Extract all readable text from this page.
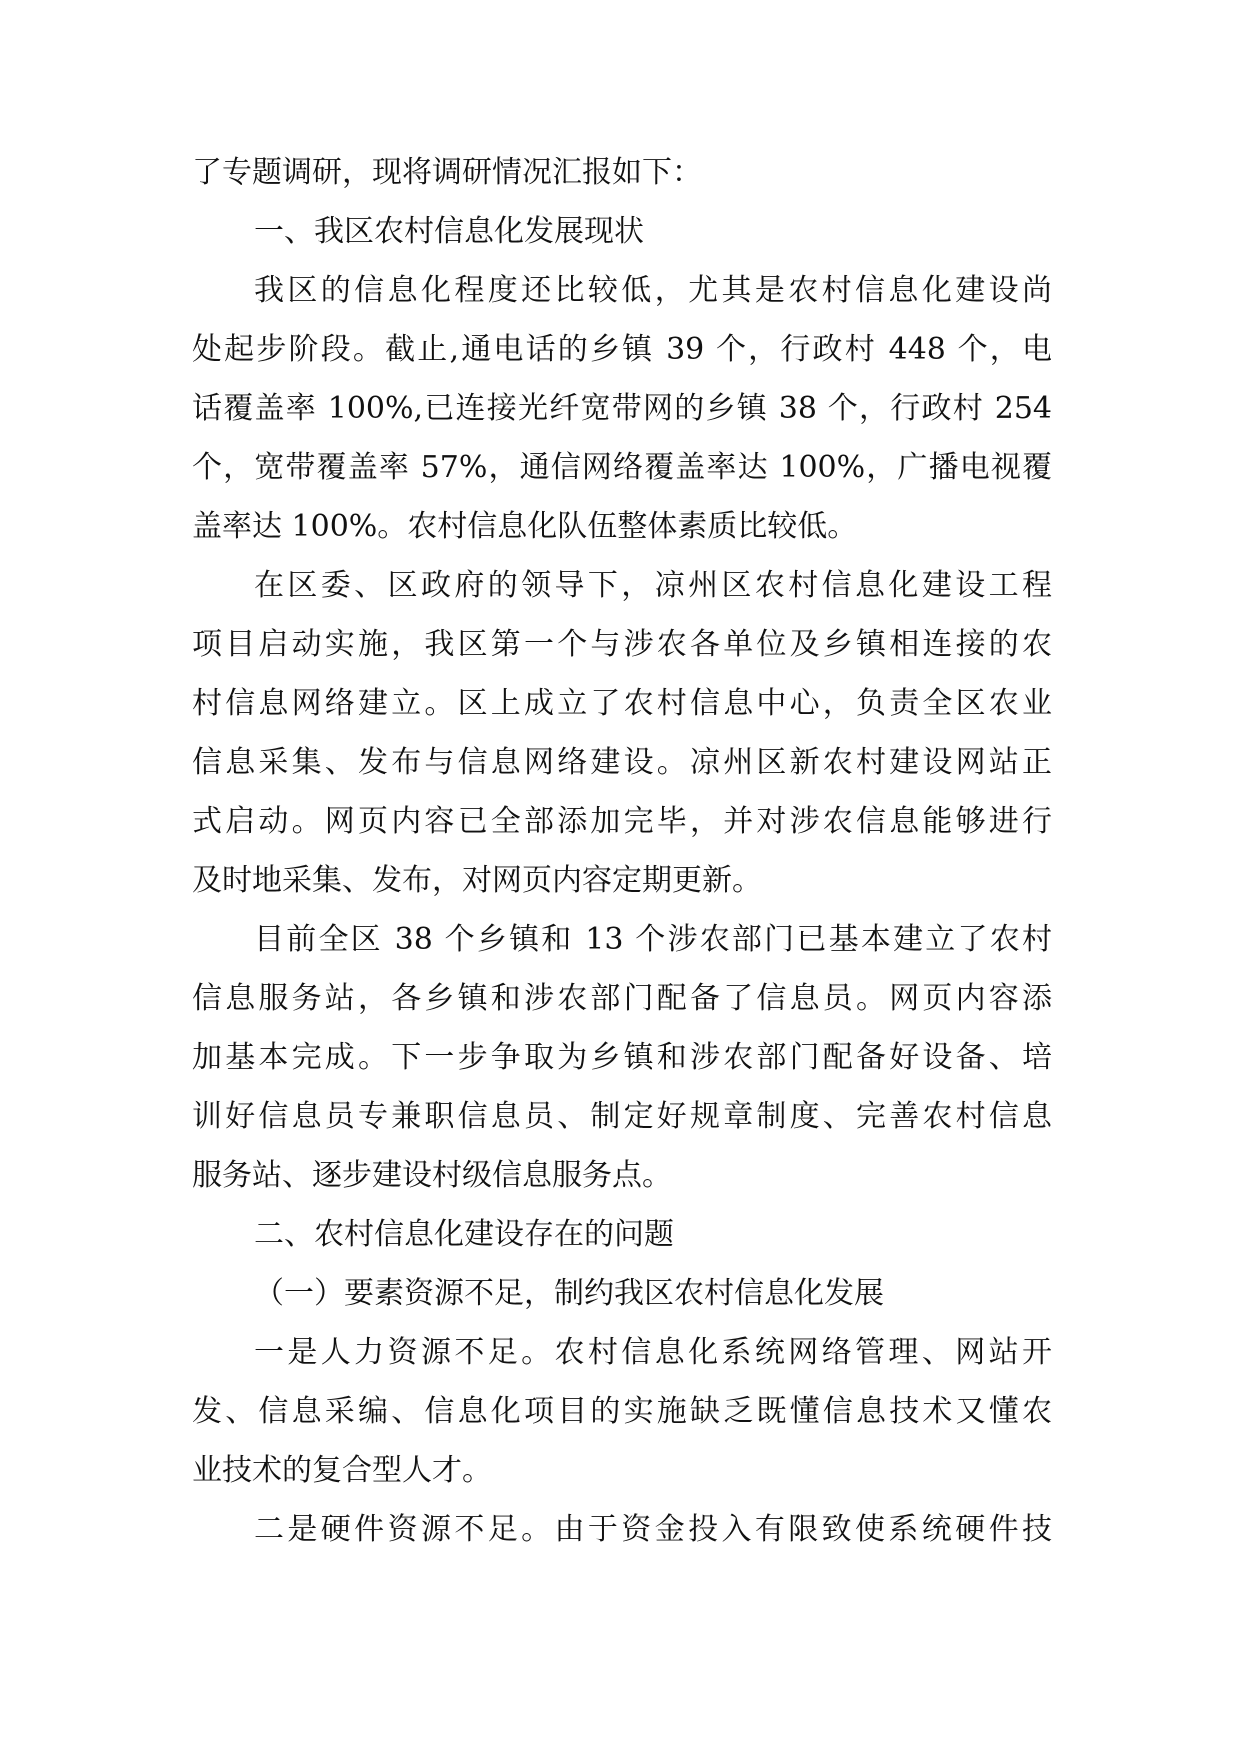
了专题调研，现将调研情况汇报如下：
一、我区农村信息化发展现状
我区的信息化程度还比较低，尤其是农村信息化建设尚
处起步阶段。截止,通电话的乡镇 39 个，行政村 448 个，电
话覆盖率 100%,已连接光纤宽带网的乡镇 38 个，行政村 254
个，宽带覆盖率 57%，通信网络覆盖率达 100%，广播电视覆
盖率达 100%。农村信息化队伍整体素质比较低。
在区委、区政府的领导下，凉州区农村信息化建设工程
项目启动实施，我区第一个与涉农各单位及乡镇相连接的农
村信息网络建立。区上成立了农村信息中心，负责全区农业
信息采集、发布与信息网络建设。凉州区新农村建设网站正
式启动。网页内容已全部添加完毕，并对涉农信息能够进行
及时地采集、发布，对网页内容定期更新。
目前全区 38 个乡镇和 13 个涉农部门已基本建立了农村
信息服务站，各乡镇和涉农部门配备了信息员。网页内容添
加基本完成。下一步争取为乡镇和涉农部门配备好设备、培
训好信息员专兼职信息员、制定好规章制度、完善农村信息
服务站、逐步建设村级信息服务点。
二、农村信息化建设存在的问题
（一）要素资源不足，制约我区农村信息化发展
一是人力资源不足。农村信息化系统网络管理、网站开
发、信息采编、信息化项目的实施缺乏既懂信息技术又懂农
业技术的复合型人才。
二是硬件资源不足。由于资金投入有限致使系统硬件技
